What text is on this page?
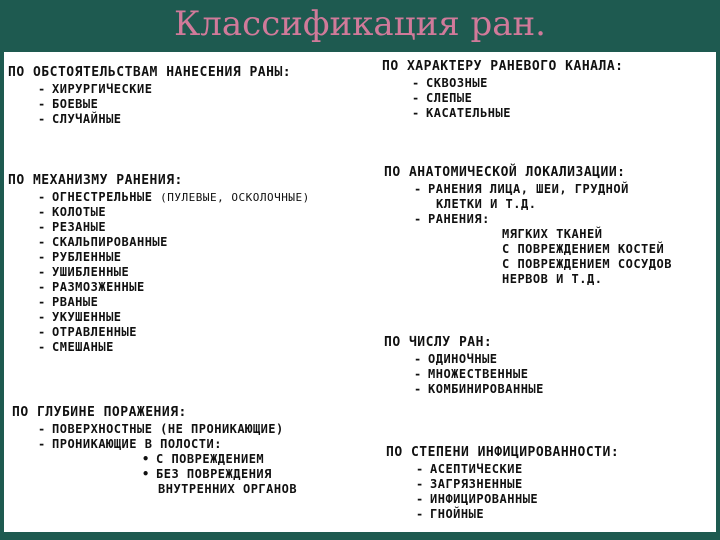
Классификация ран.
ПО ОБСТОЯТЕЛЬСТВАМ НАНЕСЕНИЯ РАНЫ:
- ХИРУРГИЧЕСКИЕ
- БОЕВЫЕ
- СЛУЧАЙНЫЕ
ПО МЕХАНИЗМУ РАНЕНИЯ:
- ОГНЕСТРЕЛЬНЫЕ (ПУЛЕВЫЕ, ОСКОЛОЧНЫЕ)
- КОЛОТЫЕ
- РЕЗАНЫЕ
- СКАЛЬПИРОВАННЫЕ
- РУБЛЕННЫЕ
- УШИБЛЕННЫЕ
- РАЗМОЗЖЕННЫЕ
- РВАНЫЕ
- УКУШЕННЫЕ
- ОТРАВЛЕННЫЕ
- СМЕШАНЫЕ
ПО ГЛУБИНЕ ПОРАЖЕНИЯ:
- ПОВЕРХНОСТНЫЕ (НЕ ПРОНИКАЮЩИЕ)
- ПРОНИКАЮЩИЕ В ПОЛОСТИ:
• С ПОВРЕЖДЕНИЕМ
• БЕЗ ПОВРЕЖДЕНИЯ
ВНУТРЕННИХ ОРГАНОВ
ПО ХАРАКТЕРУ РАНЕВОГО КАНАЛА:
- СКВОЗНЫЕ
- СЛЕПЫЕ
- КАСАТЕЛЬНЫЕ
ПО АНАТОМИЧЕСКОЙ ЛОКАЛИЗАЦИИ:
- РАНЕНИЯ ЛИЦА, ШЕИ, ГРУДНОЙ
КЛЕТКИ И Т.Д.
- РАНЕНИЯ:
МЯГКИХ ТКАНЕЙ
С ПОВРЕЖДЕНИЕМ КОСТЕЙ
С ПОВРЕЖДЕНИЕМ СОСУДОВ
НЕРВОВ И Т.Д.
ПО ЧИСЛУ РАН:
- ОДИНОЧНЫЕ
- МНОЖЕСТВЕННЫЕ
- КОМБИНИРОВАННЫЕ
ПО СТЕПЕНИ ИНФИЦИРОВАННОСТИ:
- АСЕПТИЧЕСКИЕ
- ЗАГРЯЗНЕННЫЕ
- ИНФИЦИРОВАННЫЕ
- ГНОЙНЫЕ
